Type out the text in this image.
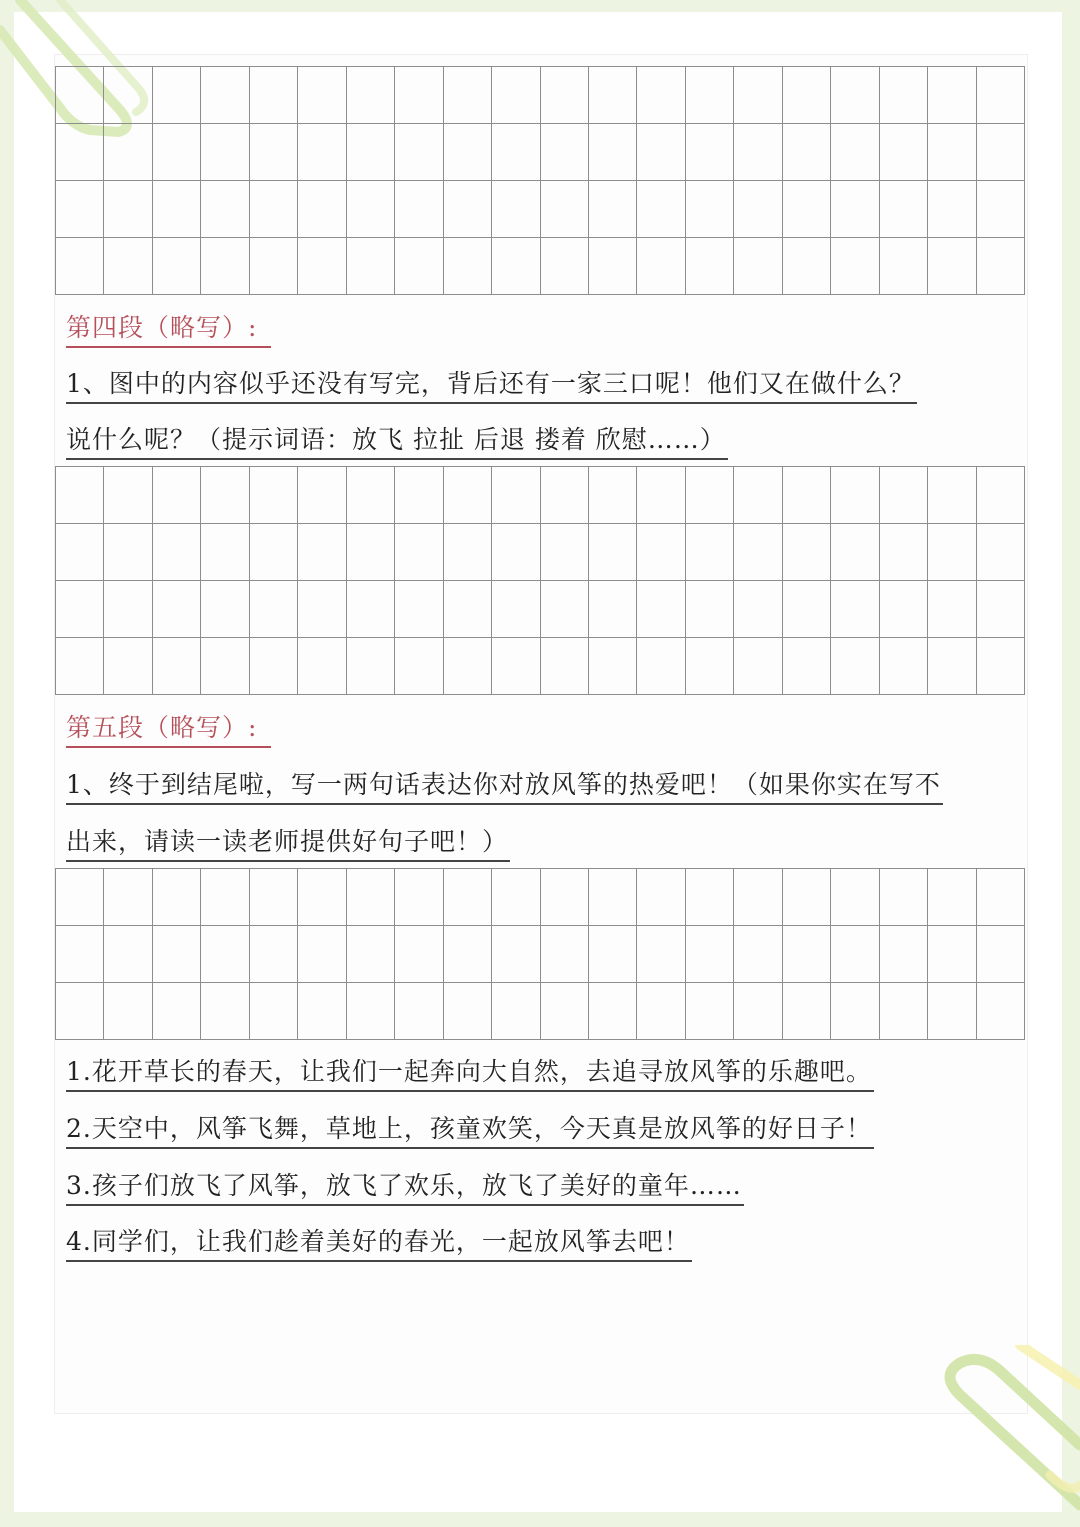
第四段（略写）:
1、图中的内容似乎还没有写完，背后还有一家三口呢！他们又在做什么？
说什么呢？（提示词语：放飞 拉扯 后退 搂着 欣慰……）
第五段（略写）:
1、终于到结尾啦，写一两句话表达你对放风筝的热爱吧！（如果你实在写不
出来，请读一读老师提供好句子吧！）
1.花开草长的春天，让我们一起奔向大自然，去追寻放风筝的乐趣吧。
2.天空中，风筝飞舞，草地上，孩童欢笑，今天真是放风筝的好日子！
3.孩子们放飞了风筝，放飞了欢乐，放飞了美好的童年……
4.同学们，让我们趁着美好的春光，一起放风筝去吧！
